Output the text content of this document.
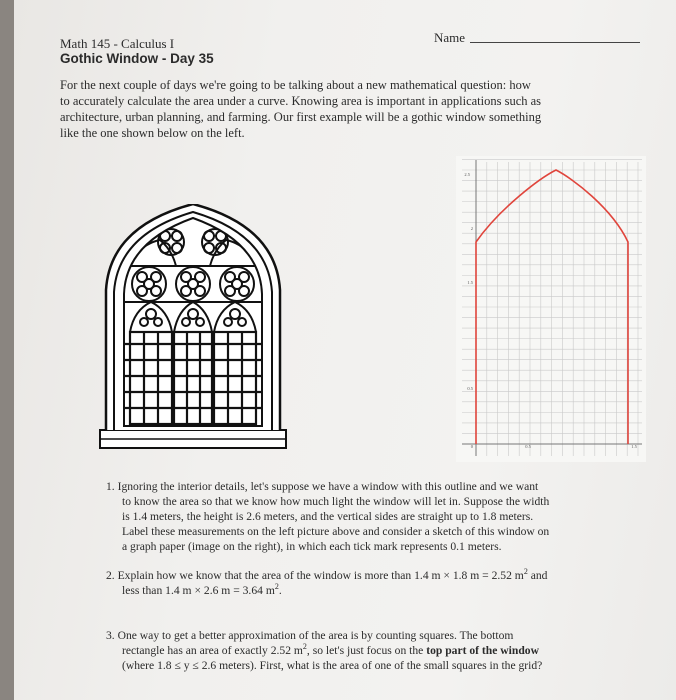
Math 145 - Calculus I	Name
Gothic Window - Day 35
For the next couple of days we're going to be talking about a new mathematical question: how
to accurately calculate the area under a curve. Knowing area is important in applications such as
architecture, urban planning, and farming. Our first example will be a gothic window something
like the one shown below on the left.
2.5
2
1.5
0.5
0	0.5	1.5
1. Ignoring the interior details, let's suppose we have a window with this outline and we want
to know the area so that we know how much light the window will let in. Suppose the width
is 1.4 meters, the height is 2.6 meters, and the vertical sides are straight up to 1.8 meters.
Label these measurements on the left picture above and consider a sketch of this window on
a graph paper (image on the right), in which each tick mark represents 0.1 meters.
2. Explain how we know that the area of the window is more than 1.4 m × 1.8 m = 2.52 $m^2$ and
less than 1.4 m × 2.6 m = 3.64 $m^2$.
3. One way to get a better approximation of the area is by counting squares. The bottom
rectangle has an area of exactly 2.52 $m^2$, so let's just focus on the top part of the window
(where 1.8 ≤ y ≤ 2.6 meters). First, what is the area of one of the small squares in the grid?
